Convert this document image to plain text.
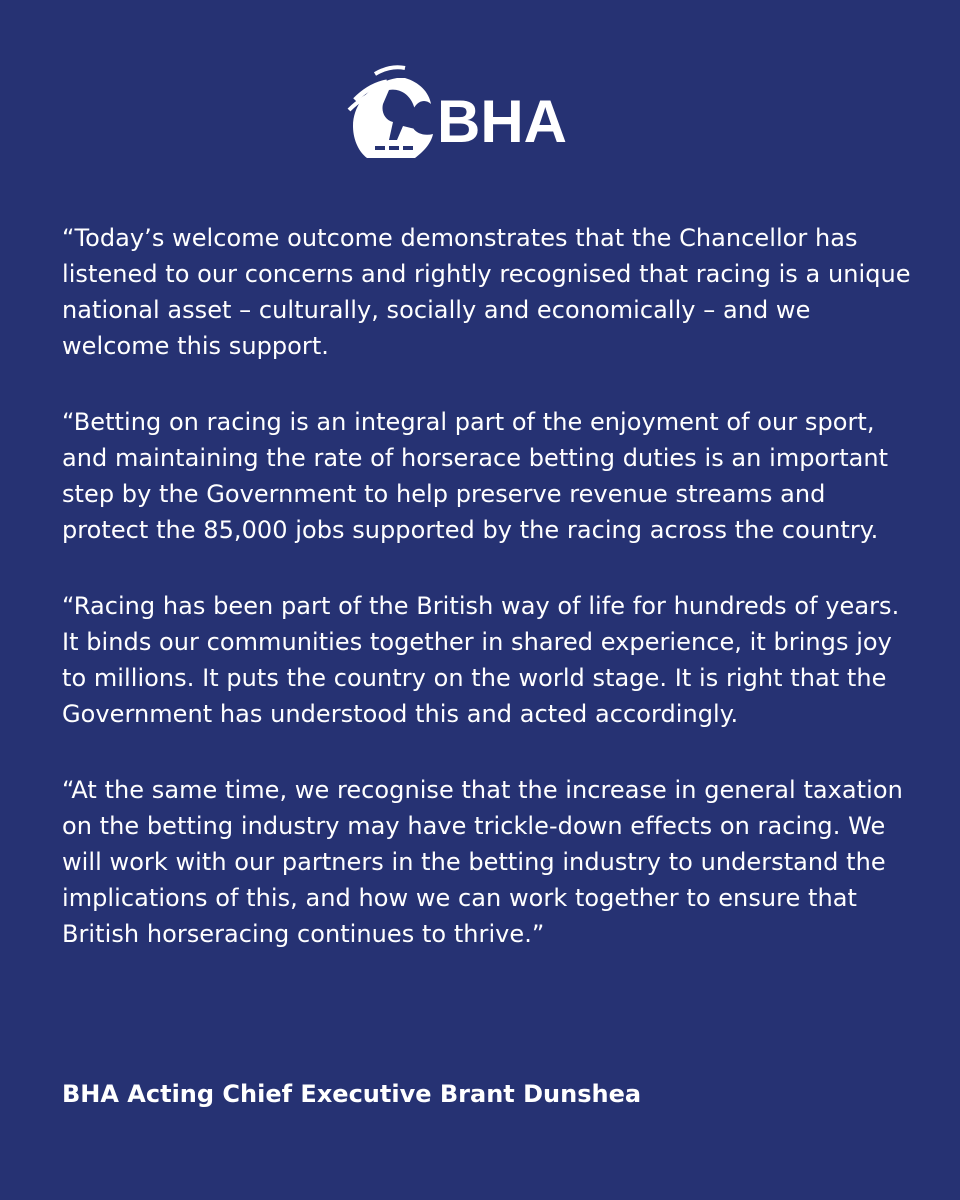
BHA

“Today’s welcome outcome demonstrates that the Chancellor has listened to our concerns and rightly recognised that racing is a unique national asset – culturally, socially and economically – and we welcome this support.

“Betting on racing is an integral part of the enjoyment of our sport, and maintaining the rate of horserace betting duties is an important step by the Government to help preserve revenue streams and protect the 85,000 jobs supported by the racing across the country.

“Racing has been part of the British way of life for hundreds of years. It binds our communities together in shared experience, it brings joy to millions. It puts the country on the world stage. It is right that the Government has understood this and acted accordingly.

“At the same time, we recognise that the increase in general taxation on the betting industry may have trickle-down effects on racing. We will work with our partners in the betting industry to understand the implications of this, and how we can work together to ensure that British horseracing continues to thrive.”

BHA Acting Chief Executive Brant Dunshea
